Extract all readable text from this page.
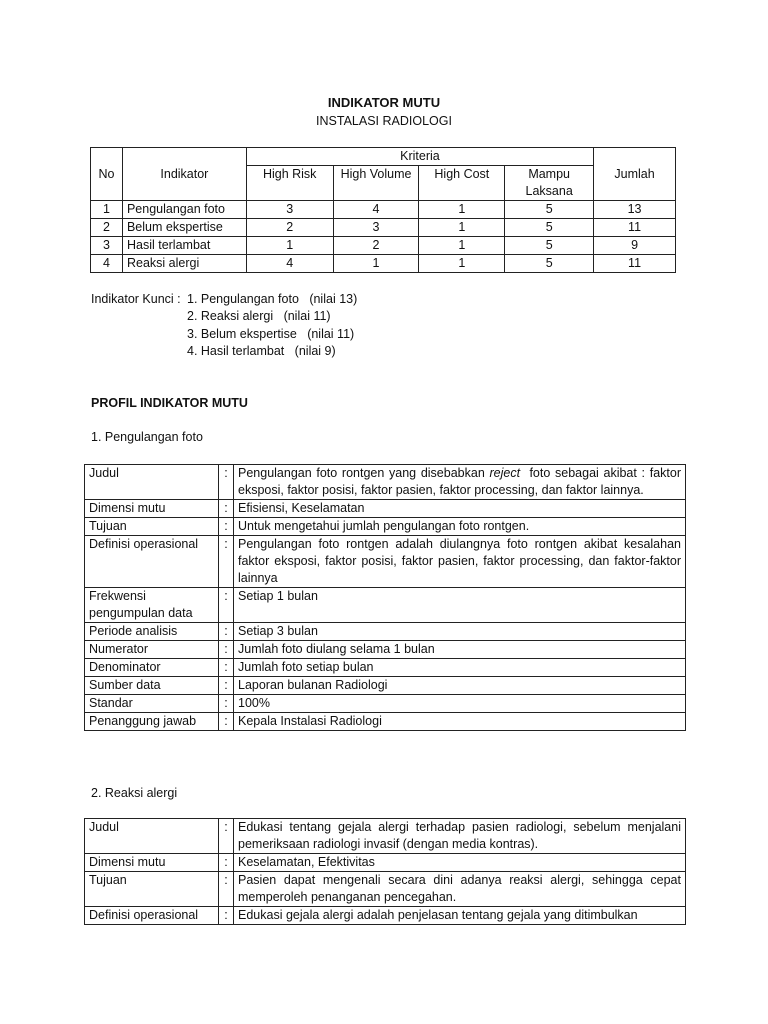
INDIKATOR MUTU
INSTALASI RADIOLOGI
No	Indikator	Kriteria				Jumlah
		High Risk	High Volume	High Cost	Mampu Laksana	
1	Pengulangan foto	3	4	1	5	13
2	Belum ekspertise	2	3	1	5	11
3	Hasil terlambat	1	2	1	5	9
4	Reaksi alergi	4	1	1	5	11
Indikator Kunci : 1. Pengulangan foto   (nilai 13)
2. Reaksi alergi   (nilai 11)
3. Belum ekspertise   (nilai 11)
4. Hasil terlambat   (nilai 9)
PROFIL INDIKATOR MUTU
1. Pengulangan foto
Judul	:	Pengulangan foto rontgen yang disebabkan reject  foto sebagai akibat : faktor eksposi, faktor posisi, faktor pasien, faktor processing, dan faktor lainnya.
Dimensi mutu	:	Efisiensi, Keselamatan
Tujuan	:	Untuk mengetahui jumlah pengulangan foto rontgen.
Definisi operasional	:	Pengulangan foto rontgen adalah diulangnya foto rontgen akibat kesalahan faktor eksposi, faktor posisi, faktor pasien, faktor processing, dan faktor-faktor lainnya
Frekwensi pengumpulan data	:	Setiap 1 bulan
Periode analisis	:	Setiap 3 bulan
Numerator	:	Jumlah foto diulang selama 1 bulan
Denominator	:	Jumlah foto setiap bulan
Sumber data	:	Laporan bulanan Radiologi
Standar	:	100%
Penanggung jawab	:	Kepala Instalasi Radiologi
2. Reaksi alergi
Judul	:	Edukasi tentang gejala alergi terhadap pasien radiologi, sebelum menjalani pemeriksaan radiologi invasif (dengan media kontras).
Dimensi mutu	:	Keselamatan, Efektivitas
Tujuan	:	Pasien dapat mengenali secara dini adanya reaksi alergi, sehingga cepat memperoleh penanganan pencegahan.
Definisi operasional	:	Edukasi gejala alergi adalah penjelasan tentang gejala yang ditimbulkan
